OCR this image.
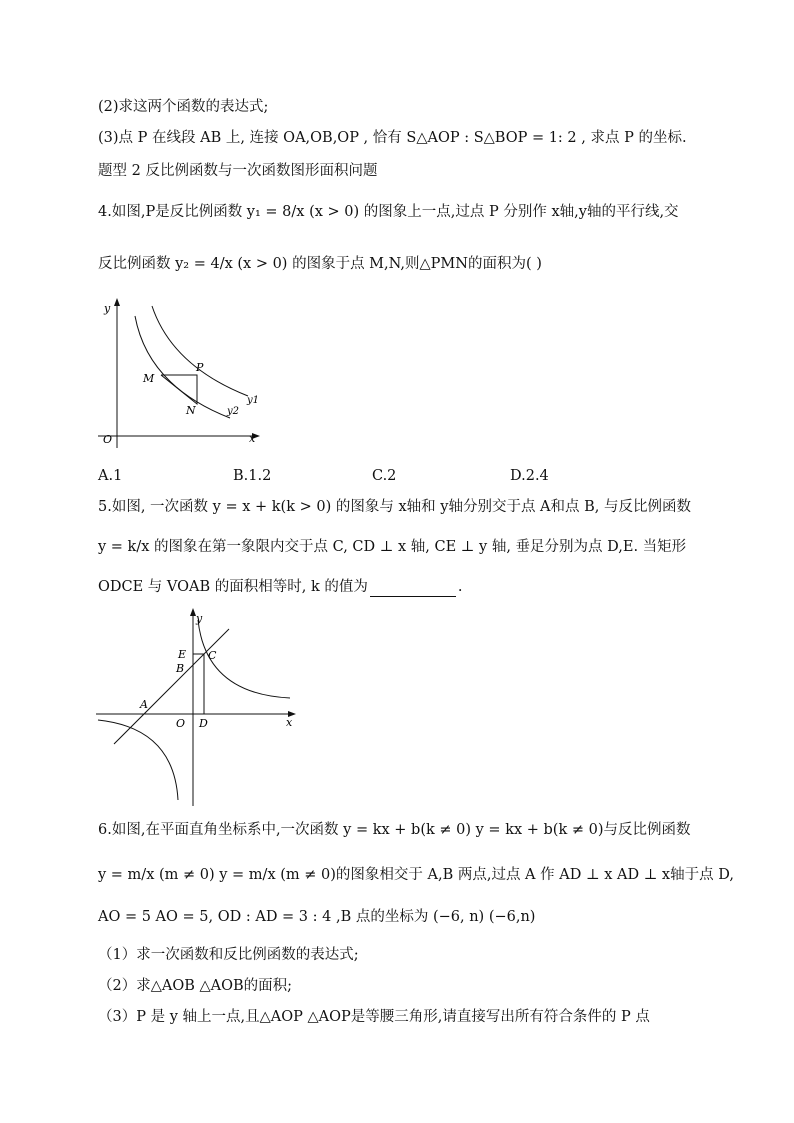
(2)求这两个函数的表达式;
(3)点 P 在线段 AB 上, 连接 OA,OB,OP , 恰有 S△AOP : S△BOP = 1: 2 , 求点 P 的坐标.
题型 2 反比例函数与一次函数图形面积问题
4.如图,P是反比例函数 y₁ = 8/x (x > 0) 的图象上一点,过点 P 分别作 x轴,y轴的平行线,交
反比例函数 y₂ = 4/x (x > 0) 的图象于点 M,N,则△PMN的面积为( )
y
x
O
P
M
N
y1
y2
A.1	B.1.2	C.2	D.2.4
5.如图, 一次函数 y = x + k(k > 0) 的图象与 x轴和 y轴分别交于点 A和点 B, 与反比例函数
y = k/x 的图象在第一象限内交于点 C, CD ⊥ x 轴, CE ⊥ y 轴, 垂足分别为点 D,E. 当矩形
ODCE 与 VOAB 的面积相等时, k 的值为	.
y
x
O
A
B
C
D
E
6.如图,在平面直角坐标系中,一次函数 y = kx + b(k ≠ 0) y = kx + b(k ≠ 0)与反比例函数
y = m/x (m ≠ 0) y = m/x (m ≠ 0)的图象相交于 A,B 两点,过点 A 作 AD ⊥ x AD ⊥ x轴于点 D,
AO = 5 AO = 5, OD : AD = 3 : 4 ,B 点的坐标为 (−6, n) (−6,n)
（1）求一次函数和反比例函数的表达式;
（2）求△AOB △AOB的面积;
（3）P 是 y 轴上一点,且△AOP △AOP是等腰三角形,请直接写出所有符合条件的 P 点
